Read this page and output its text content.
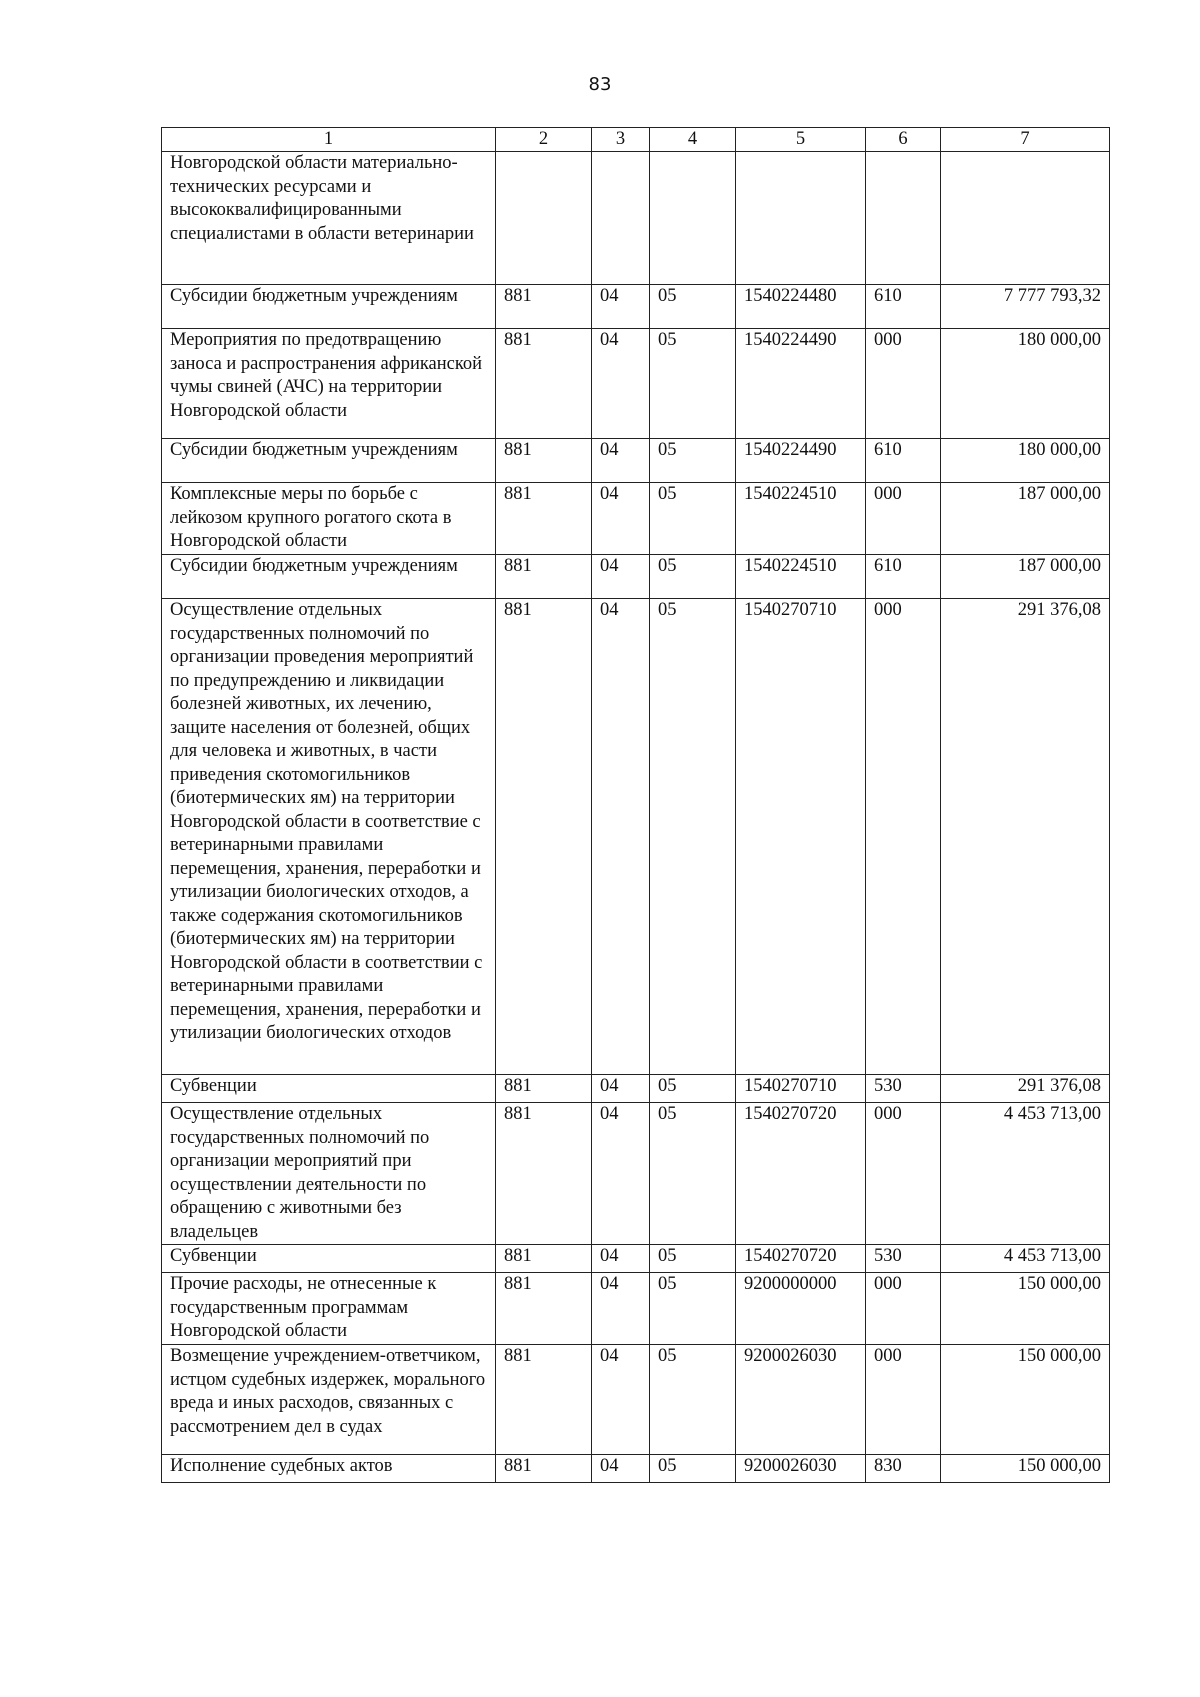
83
1	2	3	4	5	6	7
Новгородской области материально-технических ресурсами и высококвалифицированными специалистами в области ветеринарии						
Субсидии бюджетным учреждениям	881	04	05	1540224480	610	7 777 793,32
Мероприятия по предотвращению заноса и распространения африканской чумы свиней (АЧС) на территории Новгородской области	881	04	05	1540224490	000	180 000,00
Субсидии бюджетным учреждениям	881	04	05	1540224490	610	180 000,00
Комплексные меры по борьбе с лейкозом крупного рогатого скота в Новгородской области	881	04	05	1540224510	000	187 000,00
Субсидии бюджетным учреждениям	881	04	05	1540224510	610	187 000,00
Осуществление отдельных государственных полномочий по организации проведения мероприятий по предупреждению и ликвидации болезней животных, их лечению, защите населения от болезней, общих для человека и животных, в части приведения скотомогильников (биотермических ям) на территории Новгородской области в соответствие с ветеринарными правилами перемещения, хранения, переработки и утилизации биологических отходов, а также содержания скотомогильников (биотермических ям) на территории Новгородской области в соответствии с ветеринарными правилами перемещения, хранения, переработки и утилизации биологических отходов	881	04	05	1540270710	000	291 376,08
Субвенции	881	04	05	1540270710	530	291 376,08
Осуществление отдельных государственных полномочий по организации мероприятий при осуществлении деятельности по обращению с животными без владельцев	881	04	05	1540270720	000	4 453 713,00
Субвенции	881	04	05	1540270720	530	4 453 713,00
Прочие расходы, не отнесенные к государственным программам Новгородской области	881	04	05	9200000000	000	150 000,00
Возмещение учреждением-ответчиком, истцом судебных издержек, морального вреда и иных расходов, связанных с рассмотрением дел в судах	881	04	05	9200026030	000	150 000,00
Исполнение судебных актов	881	04	05	9200026030	830	150 000,00
